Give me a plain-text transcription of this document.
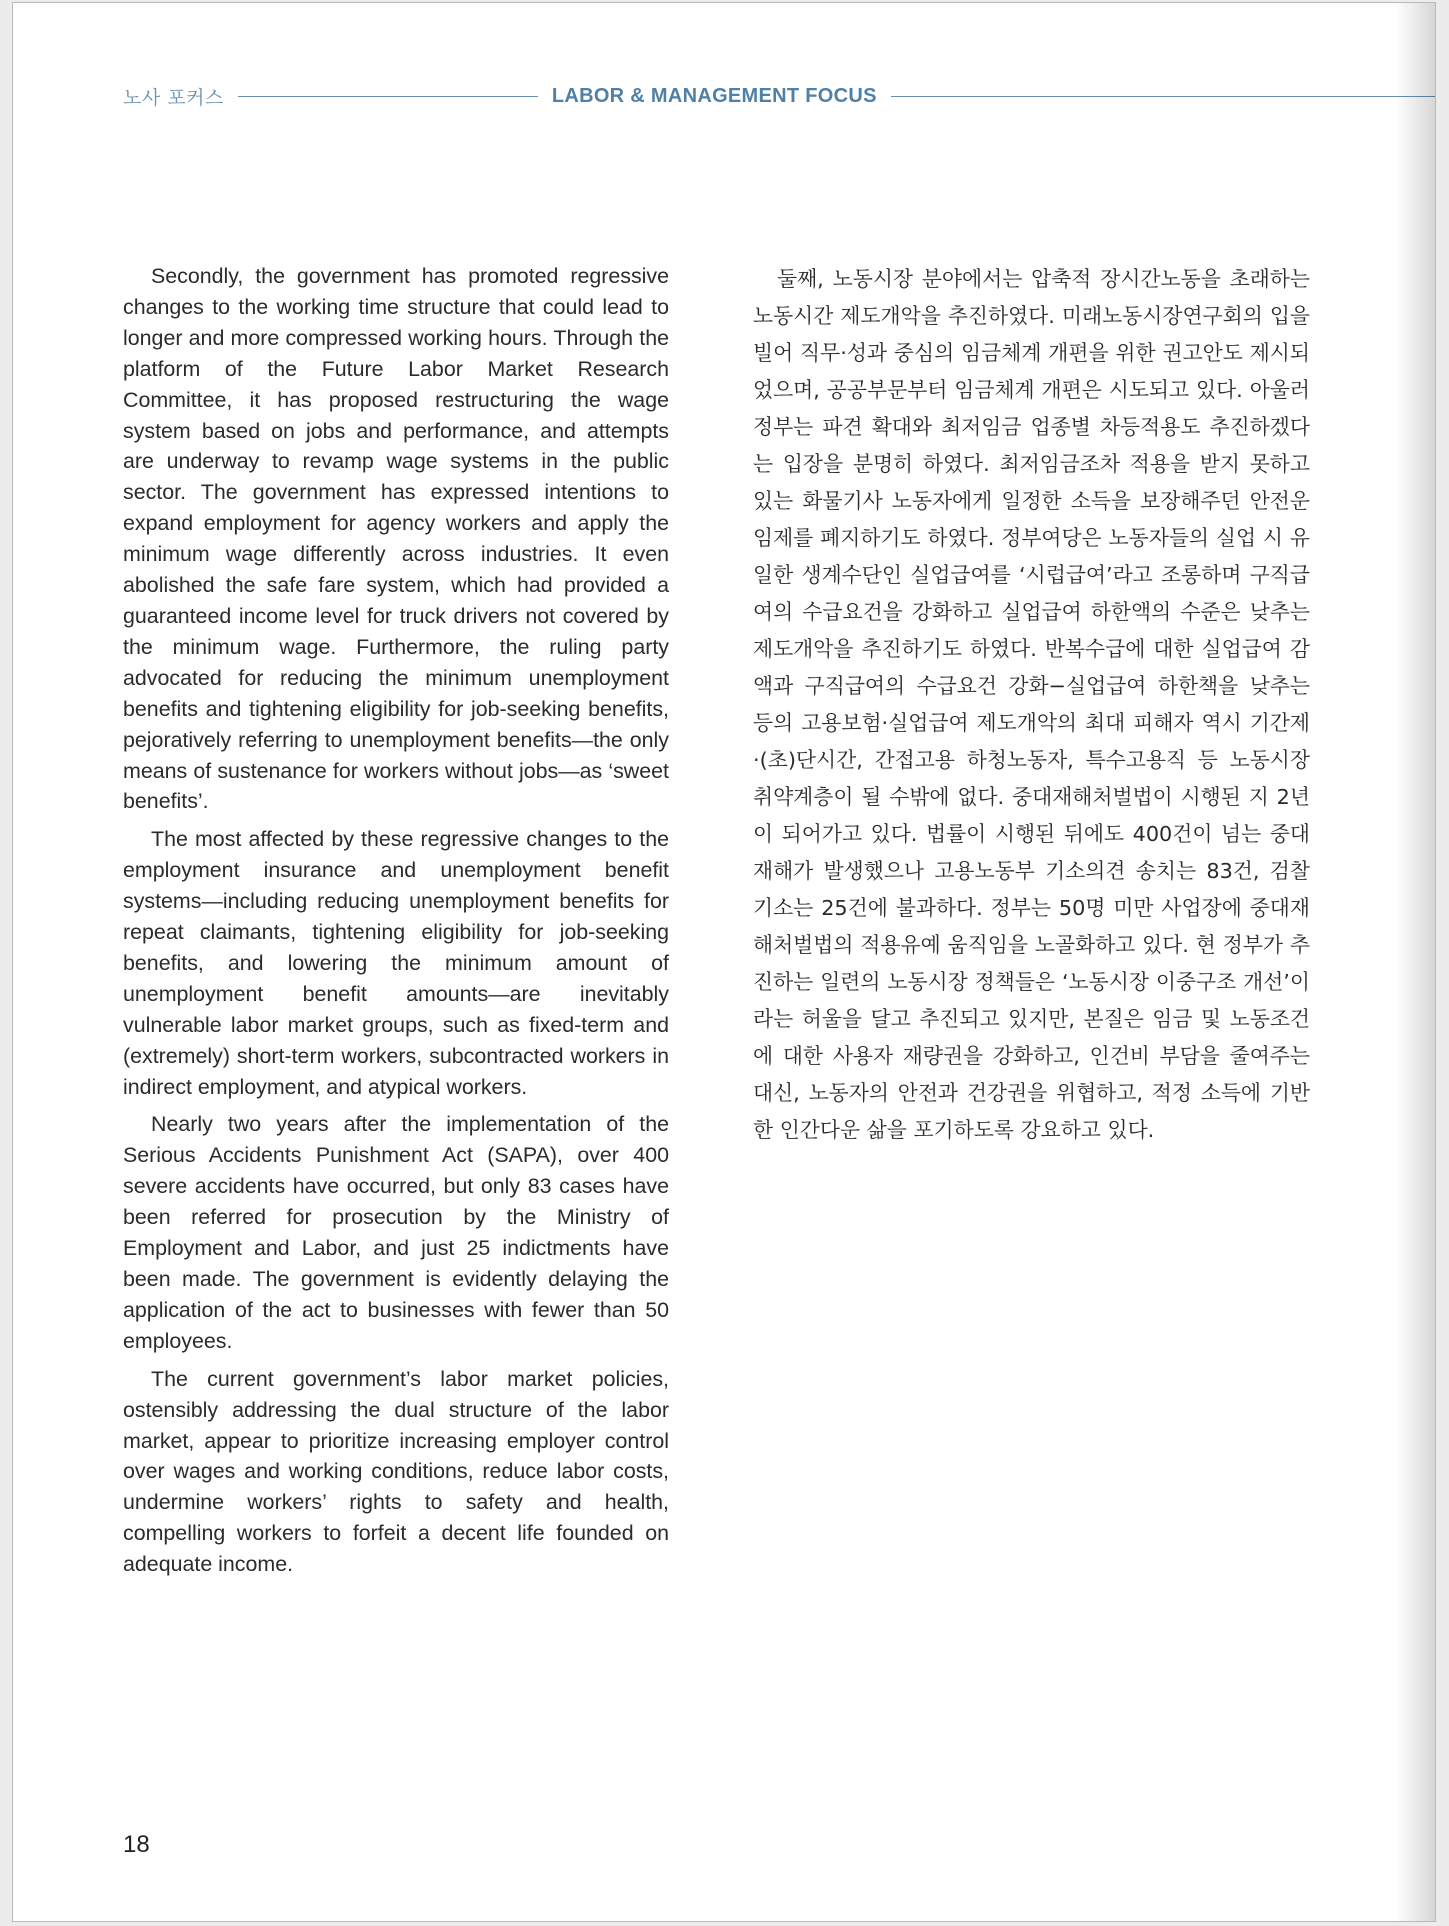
노사 포커스	LABOR & MANAGEMENT FOCUS

Secondly, the government has promoted regressive changes to the working time structure that could lead to longer and more compressed working hours. Through the platform of the Future Labor Market Research Committee, it has proposed restructuring the wage system based on jobs and performance, and attempts are underway to revamp wage systems in the public sector. The government has expressed intentions to expand employment for agency workers and apply the minimum wage differently across industries. It even abolished the safe fare system, which had provided a guaranteed income level for truck drivers not covered by the minimum wage. Furthermore, the ruling party advocated for reducing the minimum unemployment benefits and tightening eligibility for job-seeking benefits, pejoratively referring to unemployment benefits—the only means of sustenance for workers without jobs—as ‘sweet benefits’.

The most affected by these regressive changes to the employment insurance and unemployment benefit systems—including reducing unemployment benefits for repeat claimants, tightening eligibility for job-seeking benefits, and lowering the minimum amount of unemployment benefit amounts—are inevitably vulnerable labor market groups, such as fixed-term and (extremely) short-term workers, subcontracted workers in indirect employment, and atypical workers.

Nearly two years after the implementation of the Serious Accidents Punishment Act (SAPA), over 400 severe accidents have occurred, but only 83 cases have been referred for prosecution by the Ministry of Employment and Labor, and just 25 indictments have been made. The government is evidently delaying the application of the act to businesses with fewer than 50 employees.

The current government’s labor market policies, ostensibly addressing the dual structure of the labor market, appear to prioritize increasing employer control over wages and working conditions, reduce labor costs, undermine workers’ rights to safety and health, compelling workers to forfeit a decent life founded on adequate income.

둘째, 노동시장 분야에서는 압축적 장시간노동을 초래하는 노동시간 제도개악을 추진하였다. 미래노동시장연구회의 입을 빌어 직무·성과 중심의 임금체계 개편을 위한 권고안도 제시되었으며, 공공부문부터 임금체계 개편은 시도되고 있다. 아울러 정부는 파견 확대와 최저임금 업종별 차등적용도 추진하겠다는 입장을 분명히 하였다. 최저임금조차 적용을 받지 못하고 있는 화물기사 노동자에게 일정한 소득을 보장해주던 안전운임제를 폐지하기도 하였다. 정부여당은 노동자들의 실업 시 유일한 생계수단인 실업급여를 ‘시럽급여’라고 조롱하며 구직급여의 수급요건을 강화하고 실업급여 하한액의 수준은 낮추는 제도개악을 추진하기도 하였다. 반복수급에 대한 실업급여 감액과 구직급여의 수급요건 강화−실업급여 하한책을 낮추는 등의 고용보험·실업급여 제도개악의 최대 피해자 역시 기간제·(초)단시간, 간접고용 하청노동자, 특수고용직 등 노동시장 취약계층이 될 수밖에 없다. 중대재해처벌법이 시행된 지 2년이 되어가고 있다. 법률이 시행된 뒤에도 400건이 넘는 중대재해가 발생했으나 고용노동부 기소의견 송치는 83건, 검찰 기소는 25건에 불과하다. 정부는 50명 미만 사업장에 중대재해처벌법의 적용유예 움직임을 노골화하고 있다. 현 정부가 추진하는 일련의 노동시장 정책들은 ‘노동시장 이중구조 개선’이라는 허울을 달고 추진되고 있지만, 본질은 임금 및 노동조건에 대한 사용자 재량권을 강화하고, 인건비 부담을 줄여주는 대신, 노동자의 안전과 건강권을 위협하고, 적정 소득에 기반한 인간다운 삶을 포기하도록 강요하고 있다.

18
